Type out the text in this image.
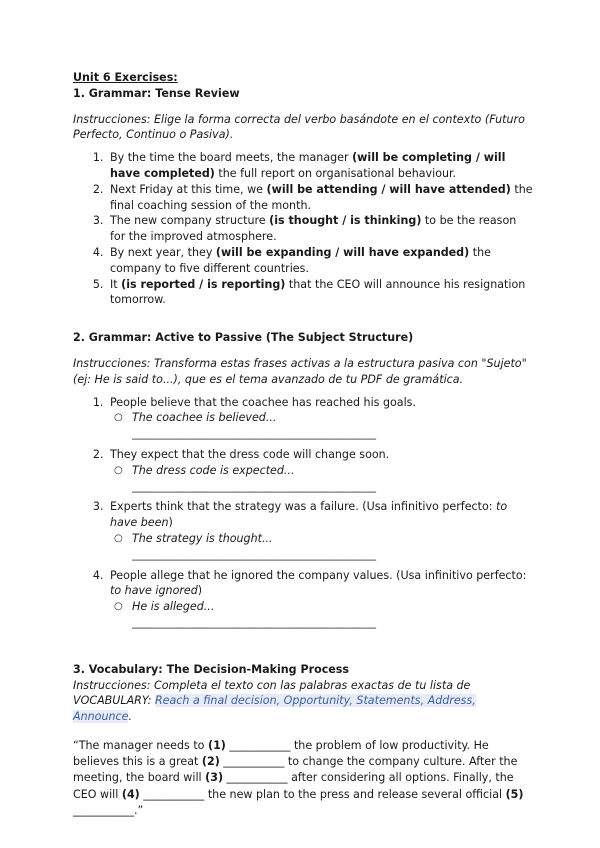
Unit 6 Exercises:

1. Grammar: Tense Review

Instrucciones: Elige la forma correcta del verbo basándote en el contexto (Futuro Perfecto, Continuo o Pasiva).

1. By the time the board meets, the manager (will be completing / will have completed) the full report on organisational behaviour.
2. Next Friday at this time, we (will be attending / will have attended) the final coaching session of the month.
3. The new company structure (is thought / is thinking) to be the reason for the improved atmosphere.
4. By next year, they (will be expanding / will have expanded) the company to five different countries.
5. It (is reported / is reporting) that the CEO will announce his resignation tomorrow.

2. Grammar: Active to Passive (The Subject Structure)

Instrucciones: Transforma estas frases activas a la estructura pasiva con "Sujeto" (ej: He is said to...), que es el tema avanzado de tu PDF de gramática.

1. People believe that the coachee has reached his goals.
○ The coachee is believed...
____________________________________________
2. They expect that the dress code will change soon.
○ The dress code is expected...
____________________________________________
3. Experts think that the strategy was a failure. (Usa infinitivo perfecto: to have been)
○ The strategy is thought...
____________________________________________
4. People allege that he ignored the company values. (Usa infinitivo perfecto: to have ignored)
○ He is alleged...
____________________________________________

3. Vocabulary: The Decision-Making Process

Instrucciones: Completa el texto con las palabras exactas de tu lista de VOCABULARY: Reach a final decision, Opportunity, Statements, Address, Announce.

“The manager needs to (1) ___________ the problem of low productivity. He believes this is a great (2) ___________ to change the company culture. After the meeting, the board will (3) ___________ after considering all options. Finally, the CEO will (4) ___________ the new plan to the press and release several official (5) ___________.”
